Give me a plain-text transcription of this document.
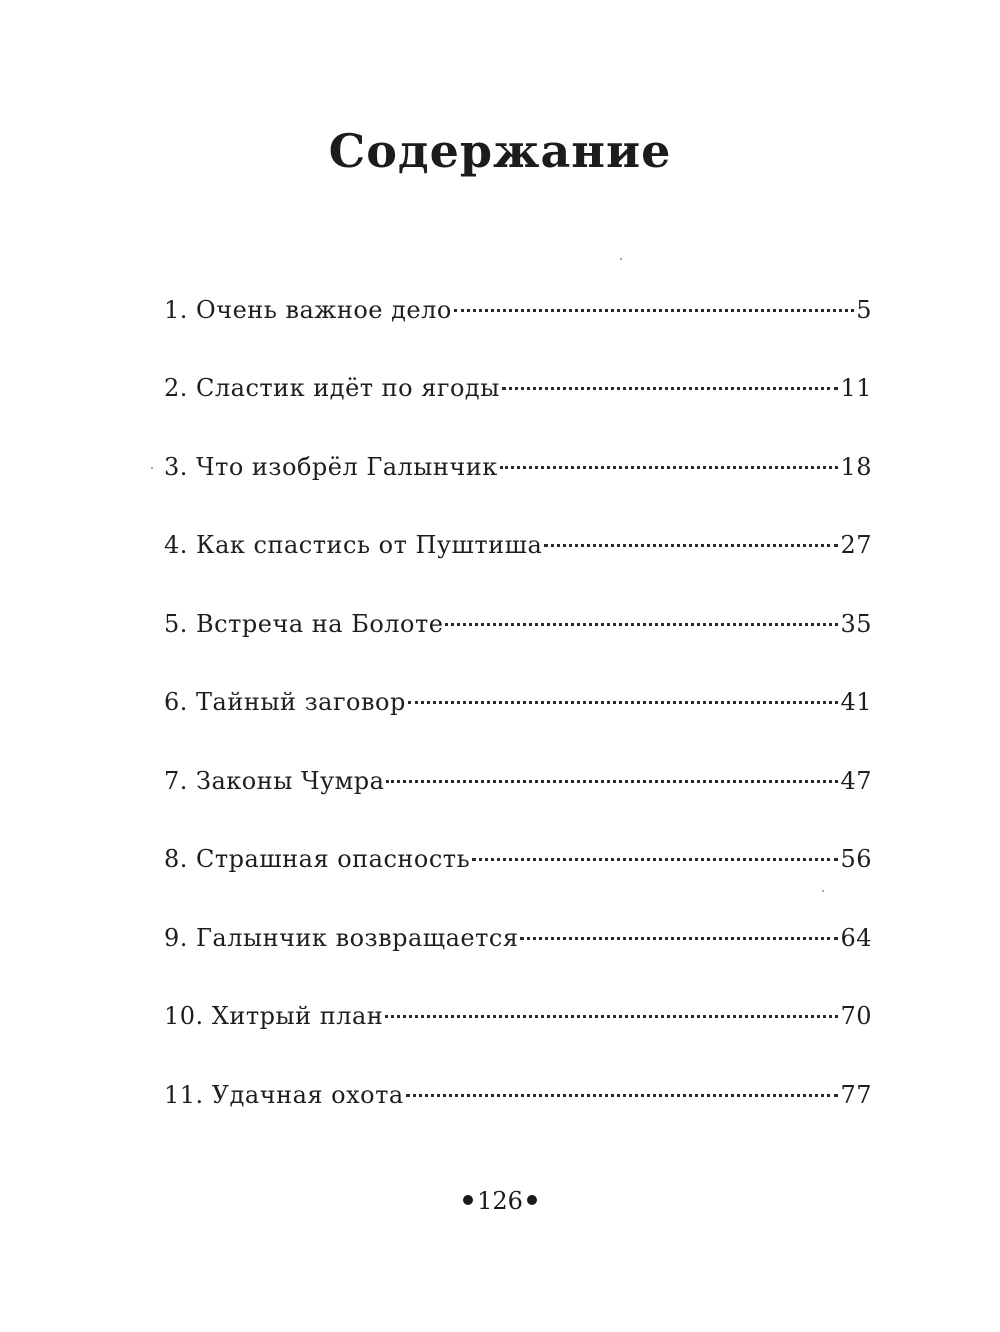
Содержание
1. Очень важное дело	5
2. Сластик идёт по ягоды	11
3. Что изобрёл Галынчик	18
4. Как спастись от Пуштиша	27
5. Встреча на Болоте	35
6. Тайный заговор	41
7. Законы Чумра	47
8. Страшная опасность	56
9. Галынчик возвращается	64
10. Хитрый план	70
11. Удачная охота	77
126
